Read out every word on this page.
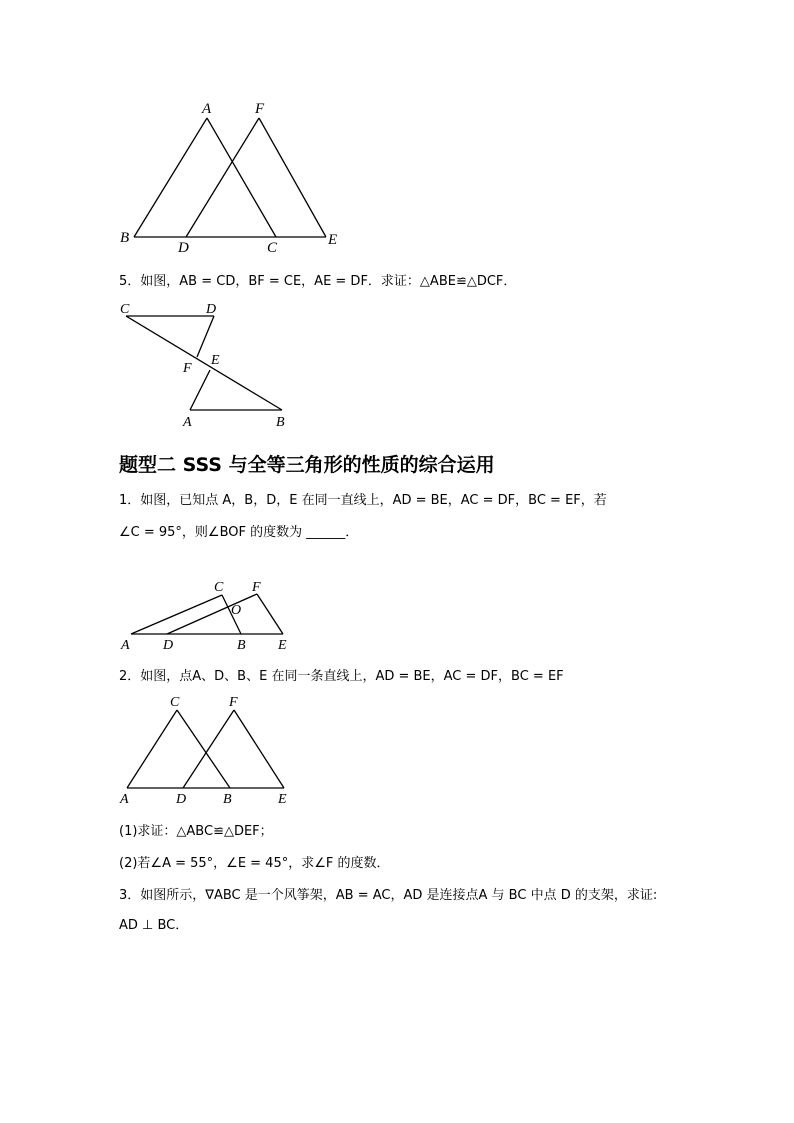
A	F
B
D	C	E
5．如图，AB = CD，BF = CE，AE = DF．求证：△ABE≌△DCF．
C	D
E
F
A	B
题型二 SSS 与全等三角形的性质的综合运用
1．如图，已知点 A，B，D，E 在同一直线上，AD = BE，AC = DF，BC = EF，若
∠C = 95°，则∠BOF 的度数为 ______．
C F
O
A D	B E
2．如图，点A、D、B、E 在同一条直线上，AD = BE，AC = DF，BC = EF
C	F
A	D	B	E
(1)求证：△ABC≌△DEF；
(2)若∠A = 55°，∠E = 45°，求∠F 的度数．
3．如图所示，∇ABC 是一个风筝架，AB = AC，AD 是连接点A 与 BC 中点 D 的支架，求证:
AD ⊥ BC．
